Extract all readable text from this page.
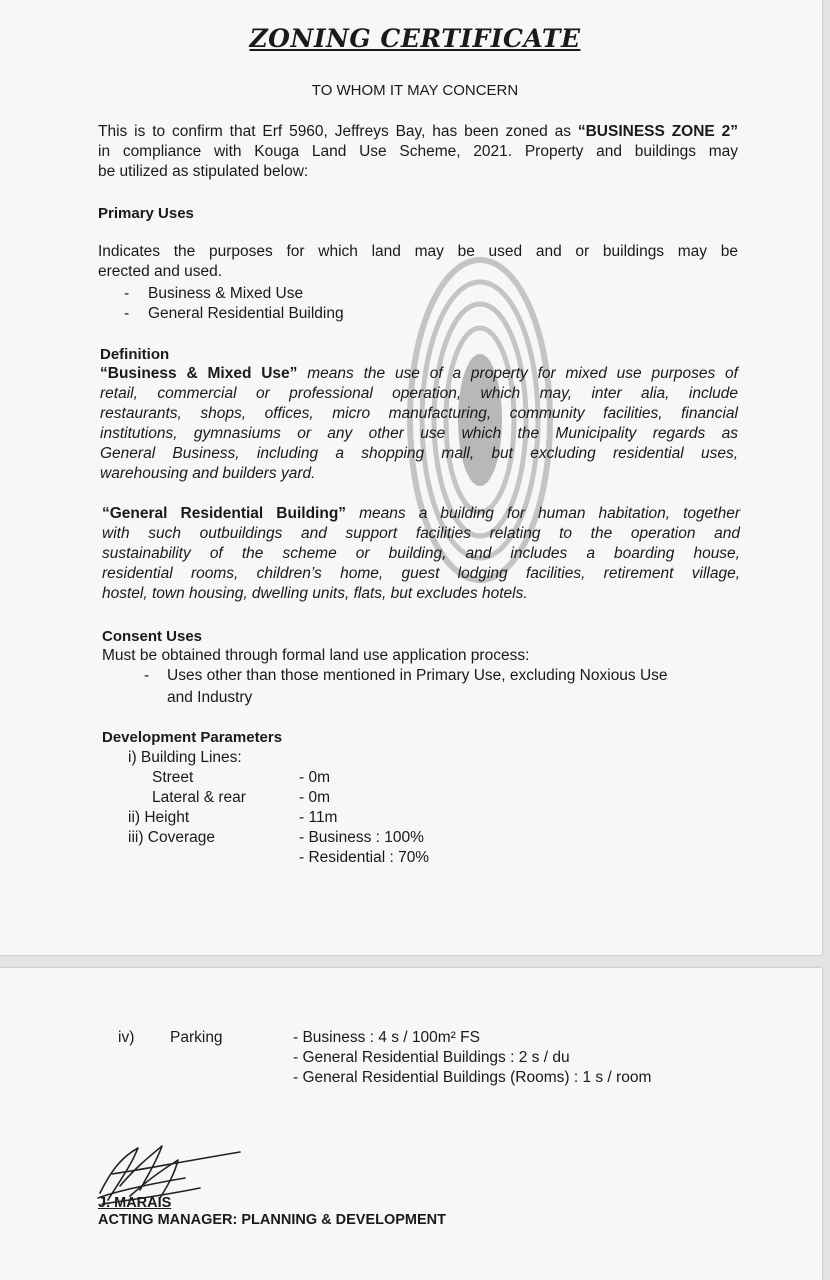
ZONING CERTIFICATE
TO WHOM IT MAY CONCERN
This is to confirm that Erf 5960, Jeffreys Bay, has been zoned as “BUSINESS ZONE 2”
in compliance with Kouga Land Use Scheme, 2021. Property and buildings may
be utilized as stipulated below:
Primary Uses
Indicates the purposes for which land may be used and or buildings may be
erected and used.
- Business & Mixed Use
- General Residential Building
Definition
“Business & Mixed Use” means the use of a property for mixed use purposes of
retail, commercial or professional operation, which may, inter alia, include
restaurants, shops, offices, micro manufacturing, community facilities, financial
institutions, gymnasiums or any other use which the Municipality regards as
General Business, including a shopping mall, but excluding residential uses,
warehousing and builders yard.
“General Residential Building” means a building for human habitation, together
with such outbuildings and support facilities relating to the operation and
sustainability of the scheme or building, and includes a boarding house,
residential rooms, children’s home, guest lodging facilities, retirement village,
hostel, town housing, dwelling units, flats, but excludes hotels.
Consent Uses
Must be obtained through formal land use application process:
- Uses other than those mentioned in Primary Use, excluding Noxious Use
and Industry
Development Parameters
i) Building Lines:
Street	- 0m
Lateral & rear	- 0m
ii) Height	- 11m
iii) Coverage	- Business : 100%
- Residential : 70%
iv) Parking	- Business : 4 s / 100m² FS
- General Residential Buildings : 2 s / du
- General Residential Buildings (Rooms) : 1 s / room
J. MARAIS
ACTING MANAGER: PLANNING & DEVELOPMENT
